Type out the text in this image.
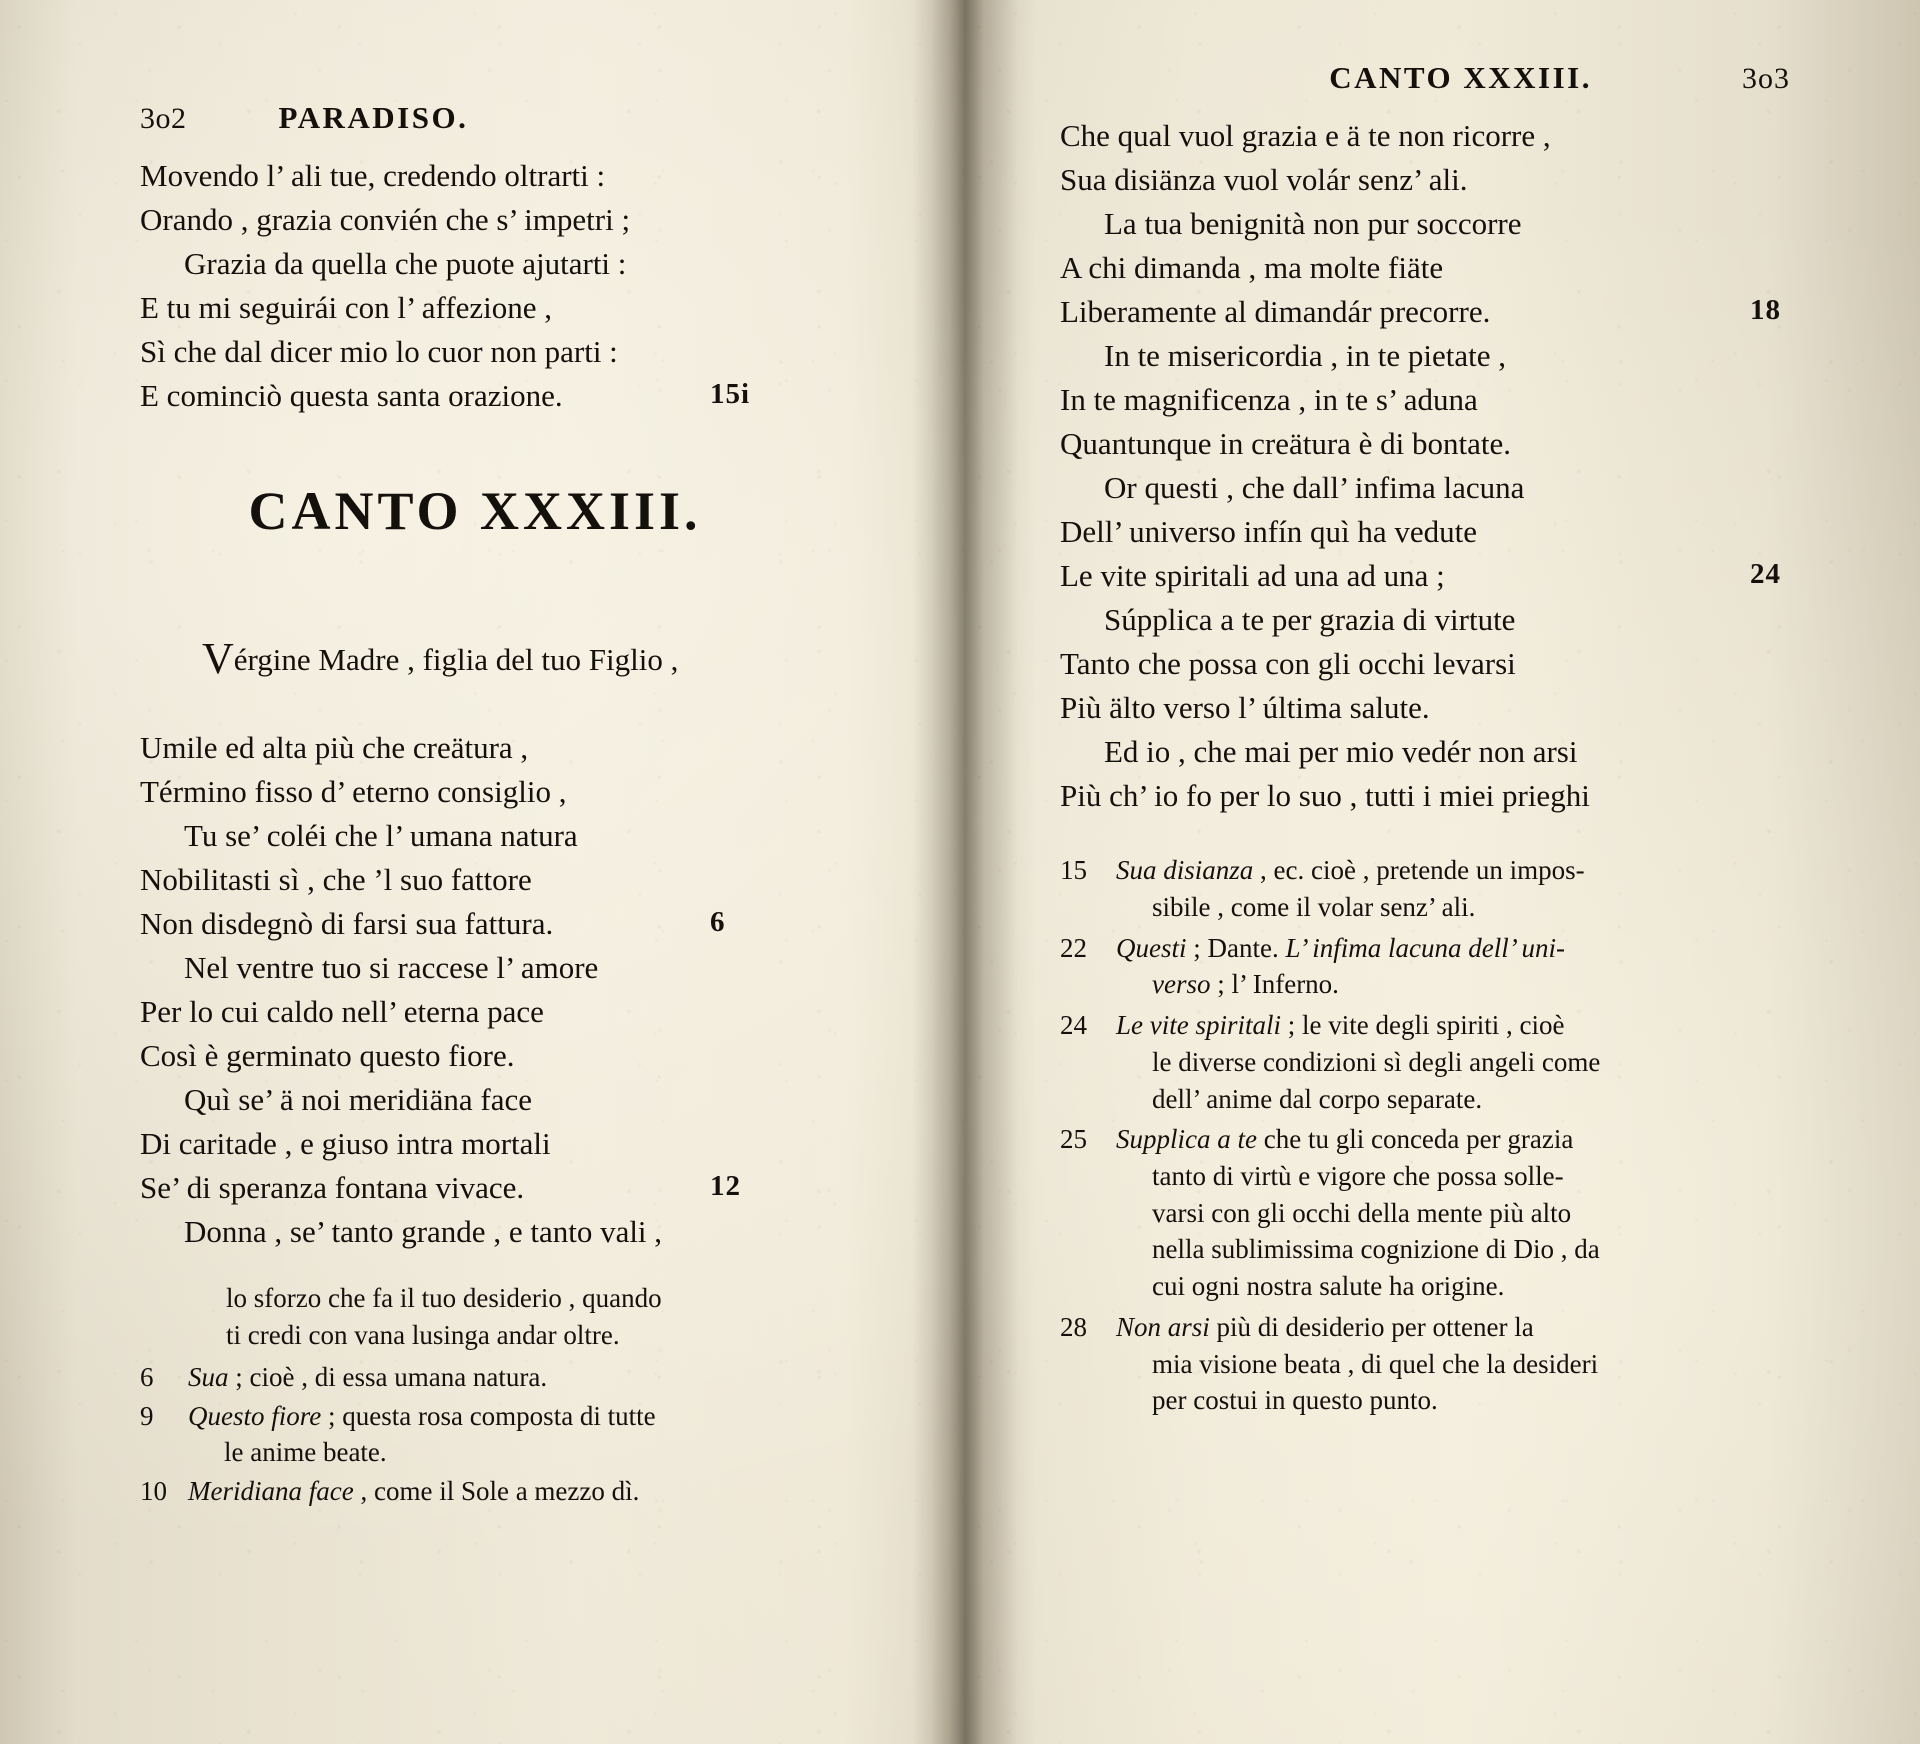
3o2	PARADISO.
Movendo l’ ali tue, credendo oltrarti :
Orando , grazia convién che s’ impetri ;
Grazia da quella che puote ajutarti :
E tu mi seguirái con l’ affezione ,
Sì che dal dicer mio lo cuor non parti :
E cominciò questa santa orazione.	15i
CANTO XXXIII.

Vérgine Madre , figlia del tuo Figlio ,

Umile ed alta più che creätura ,
Término fisso d’ eterno consiglio ,
Tu se’ coléi che l’ umana natura
Nobilitasti sì , che ’l suo fattore
Non disdegnò di farsi sua fattura.	6
Nel ventre tuo si raccese l’ amore
Per lo cui caldo nell’ eterna pace
Così è germinato questo fiore.
Quì se’ ä noi meridiäna face
Di caritade , e giuso intra mortali
Se’ di speranza fontana vivace.	12
Donna , se’ tanto grande , e tanto vali ,
lo sforzo che fa il tuo desiderio , quando
ti credi con vana lusinga andar oltre.
6	Sua ; cioè , di essa umana natura.
9	Questo fiore ; questa rosa composta di tutte
le anime beate.
10 Meridiana face , come il Sole a mezzo dì.
CANTO XXXIII.	3o3
Che qual vuol grazia e ä te non ricorre ,
Sua disiänza vuol volár senz’ ali.
La tua benignità non pur soccorre
A chi dimanda , ma molte fiäte
Liberamente al dimandár precorre.	18
In te misericordia , in te pietate ,
In te magnificenza , in te s’ aduna
Quantunque in creätura è di bontate.
Or questi , che dall’ infima lacuna
Dell’ universo infín quì ha vedute
Le vite spiritali ad una ad una ;	24
Súpplica a te per grazia di virtute
Tanto che possa con gli occhi levarsi
Più älto verso l’ última salute.
Ed io , che mai per mio vedér non arsi
Più ch’ io fo per lo suo , tutti i miei prieghi
15	Sua disianza , ec. cioè , pretende un impos-
sibile , come il volar senz’ ali.
22	Questi ; Dante. L’ infima lacuna dell’ uni-
verso ; l’ Inferno.
24	Le vite spiritali ; le vite degli spiriti , cioè
le diverse condizioni sì degli angeli come
dell’ anime dal corpo separate.
25	Supplica a te che tu gli conceda per grazia
tanto di virtù e vigore che possa solle-
varsi con gli occhi della mente più alto
nella sublimissima cognizione di Dio , da
cui ogni nostra salute ha origine.
28	Non arsi più di desiderio per ottener la
mia visione beata , di quel che la desideri
per costui in questo punto.
